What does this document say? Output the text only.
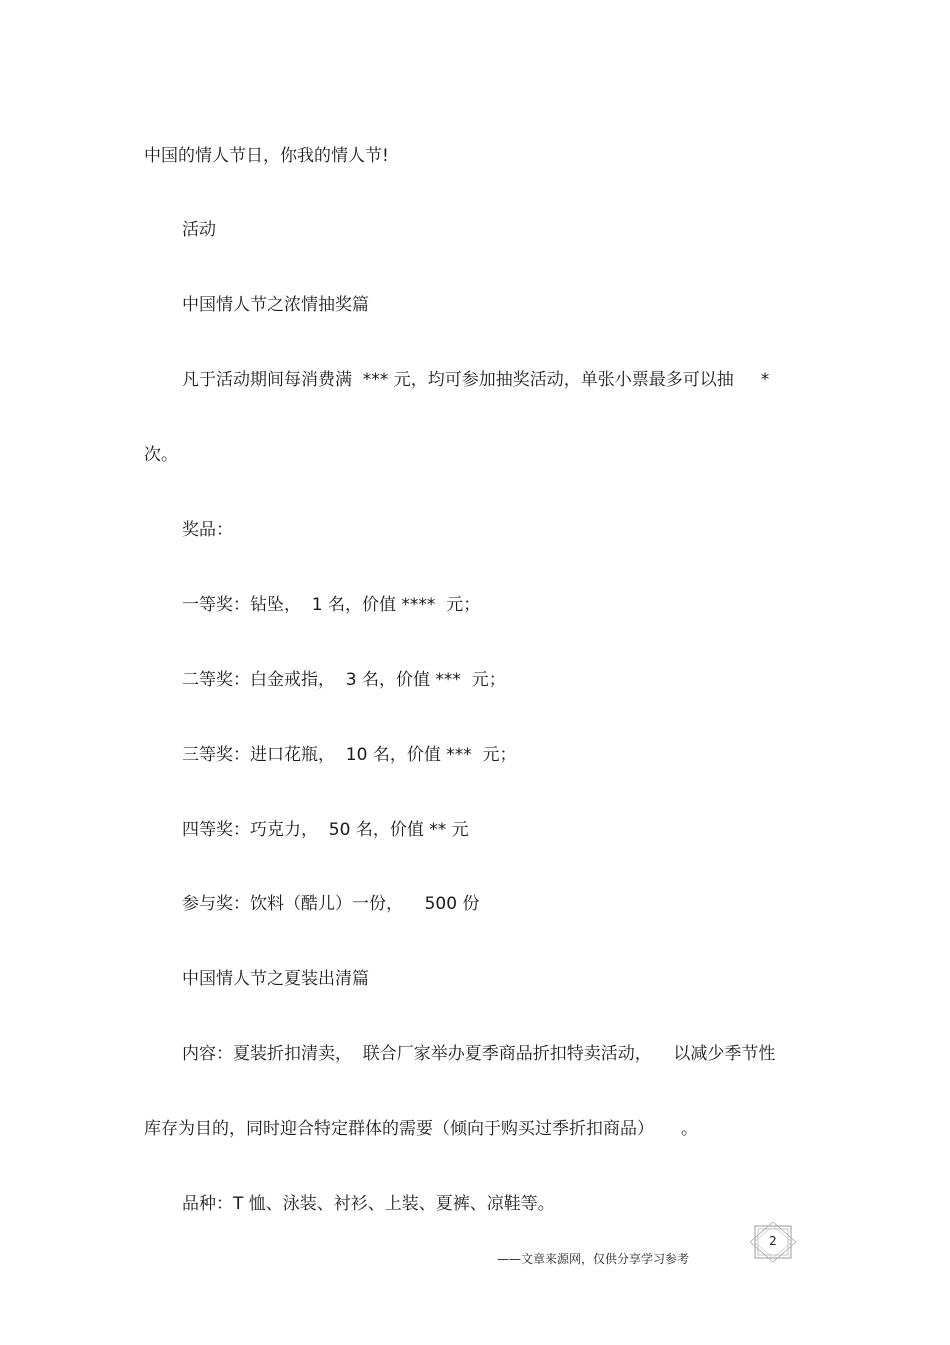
中国的情人节日，你我的情人节!

活动

中国情人节之浓情抽奖篇

凡于活动期间每消费满  *** 元，均可参加抽奖活动，单张小票最多可以抽     *

次。

奖品：

一等奖：钻坠，  1 名，价值 ****  元；

二等奖：白金戒指，  3 名，价值 ***  元；

三等奖：进口花瓶，  10 名，价值 ***  元；

四等奖：巧克力，  50 名，价值 ** 元

参与奖：饮料（酷儿）一份，    500 份

中国情人节之夏装出清篇

内容：夏装折扣清卖，  联合厂家举办夏季商品折扣特卖活动，    以减少季节性

库存为目的，同时迎合特定群体的需要（倾向于购买过季折扣商品）     。

品种：T 恤、泳装、衬衫、上装、夏裤、凉鞋等。

——文章来源网，仅供分享学习参考
2
